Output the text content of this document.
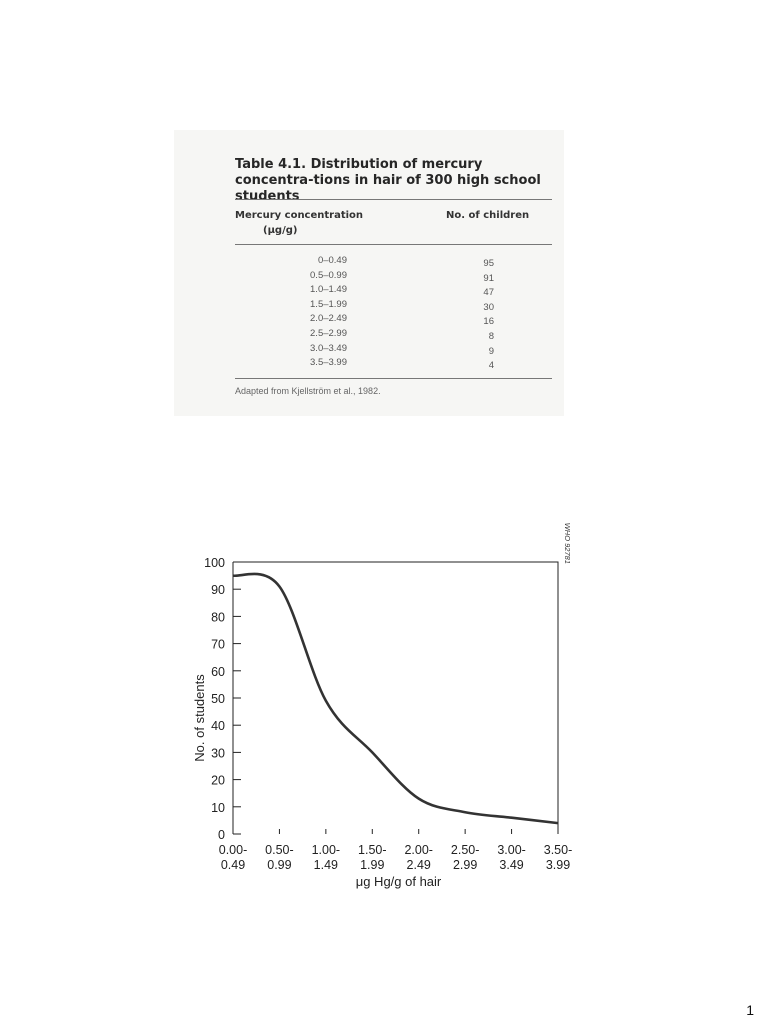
Table 4.1. Distribution of mercury concentra-tions in hair of 300 high school students
Mercury concentration
(μg/g)
No. of children
0–0.49	95
0.5–0.99	91
1.0–1.49	47
1.5–1.99	30
2.0–2.49	16
2.5–2.99	8
3.0–3.49	9
3.5–3.99	4
Adapted from Kjellström et al., 1982.
0
10
20
30
40
50
60
70
80
90
100
0.00-0.49
0.50-0.99
1.00-1.49
1.50-1.99
2.00-2.49
2.50-2.99
3.00-3.49
3.50-3.99
μg Hg/g of hair
No. of students
WHO 92781
1
